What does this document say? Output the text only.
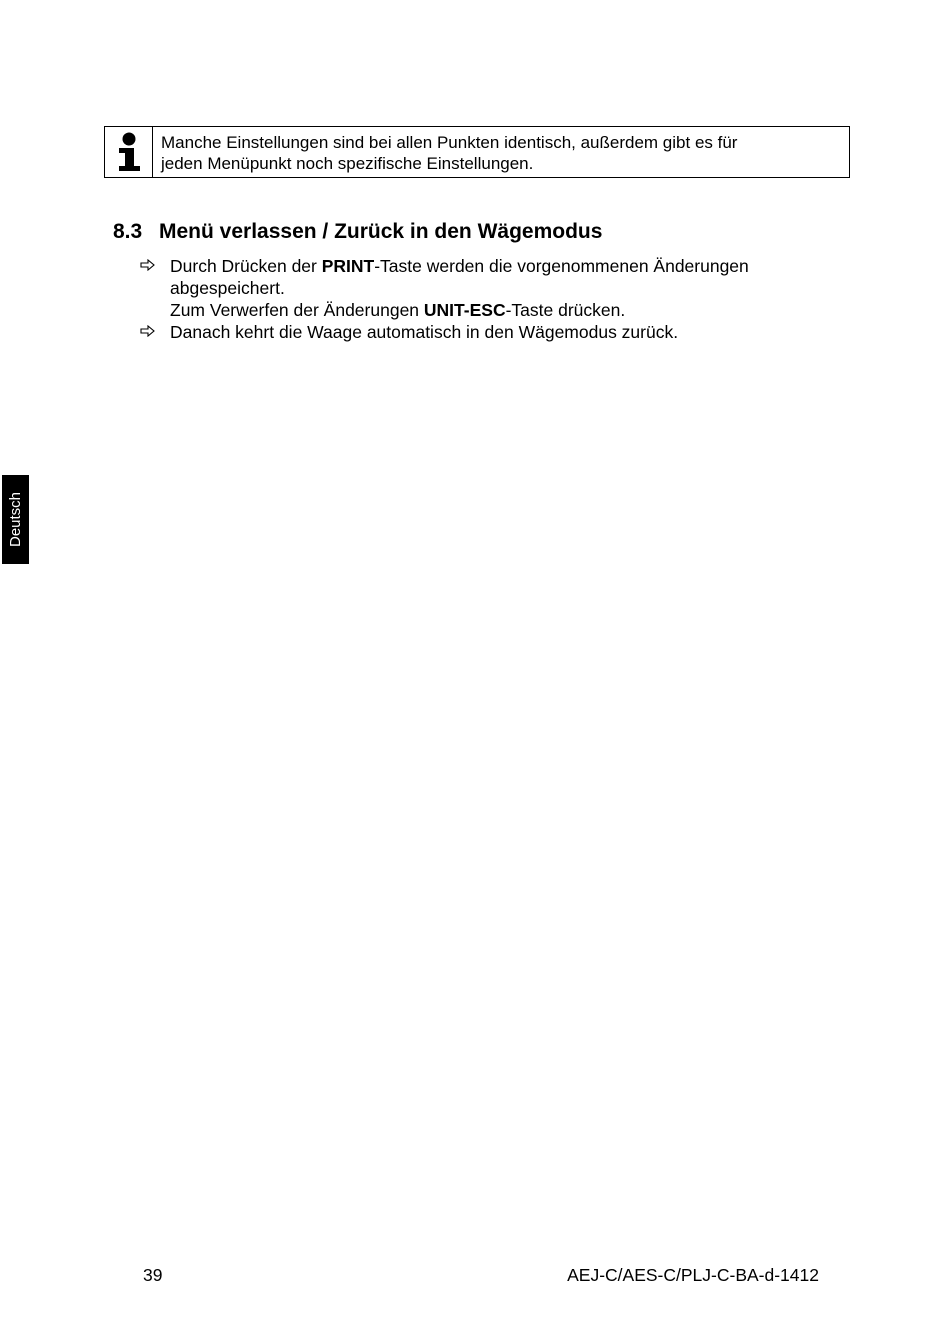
Manche Einstellungen sind bei allen Punkten identisch, außerdem gibt es für
jeden Menüpunkt noch spezifische Einstellungen.
8.3 Menü verlassen / Zurück in den Wägemodus

Durch Drücken der PRINT-Taste werden die vorgenommenen Änderungen

abgespeichert.

Zum Verwerfen der Änderungen UNIT-ESC-Taste drücken.

Danach kehrt die Waage automatisch in den Wägemodus zurück.

Deutsch
39	AEJ-C/AES-C/PLJ-C-BA-d-1412
